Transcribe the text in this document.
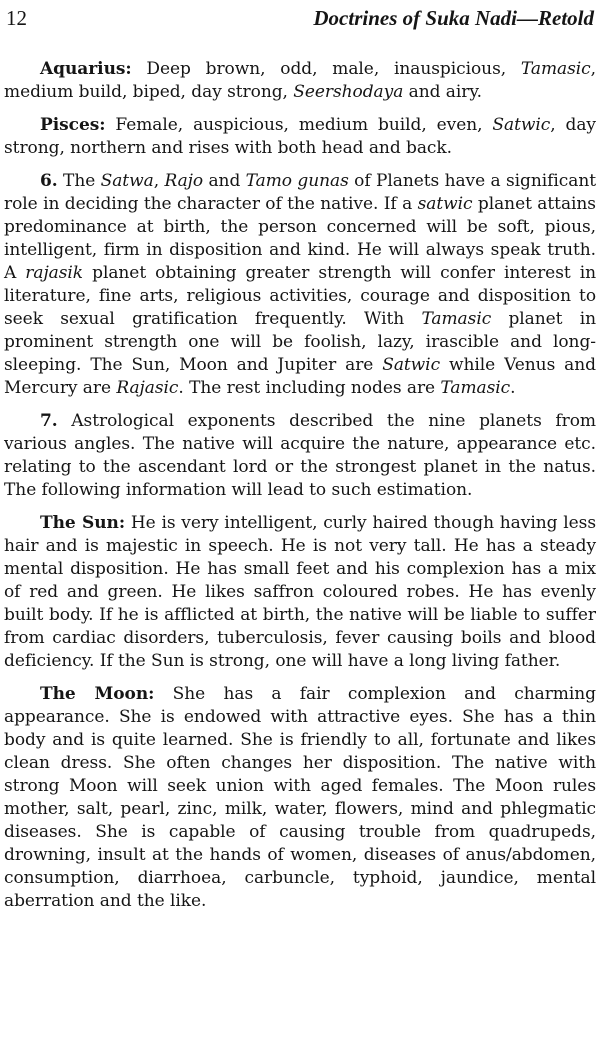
12	Doctrines of Suka Nadi—Retold

Aquarius: Deep brown, odd, male, inauspicious, Tamasic, medium build, biped, day strong, Seershodaya and airy.

Pisces: Female, auspicious, medium build, even, Satwic, day strong, northern and rises with both head and back.

6. The Satwa, Rajo and Tamo gunas of Planets have a significant role in deciding the character of the native. If a satwic planet attains predominance at birth, the person concerned will be soft, pious, intelligent, firm in disposition and kind. He will always speak truth. A rajasik planet obtaining greater strength will confer interest in literature, fine arts, religious activities, courage and disposition to seek sexual gratification frequently. With Tamasic planet in prominent strength one will be foolish, lazy, irascible and long-sleeping. The Sun, Moon and Jupiter are Satwic while Venus and Mercury are Rajasic. The rest including nodes are Tamasic.

7. Astrological exponents described the nine planets from various angles. The native will acquire the nature, appearance etc. relating to the ascendant lord or the strongest planet in the natus. The following information will lead to such estimation.

The Sun: He is very intelligent, curly haired though having less hair and is majestic in speech. He is not very tall. He has a steady mental disposition. He has small feet and his complexion has a mix of red and green. He likes saffron coloured robes. He has evenly built body. If he is afflicted at birth, the native will be liable to suffer from cardiac disorders, tuberculosis, fever causing boils and blood deficiency. If the Sun is strong, one will have a long living father.

The Moon: She has a fair complexion and charming appearance. She is endowed with attractive eyes. She has a thin body and is quite learned. She is friendly to all, fortunate and likes clean dress. She often changes her disposition. The native with strong Moon will seek union with aged females. The Moon rules mother, salt, pearl, zinc, milk, water, flowers, mind and phlegmatic diseases. She is capable of causing trouble from quadrupeds, drowning, insult at the hands of women, diseases of anus/abdomen, consumption, diarrhoea, carbuncle, typhoid, jaundice, mental aberration and the like.
